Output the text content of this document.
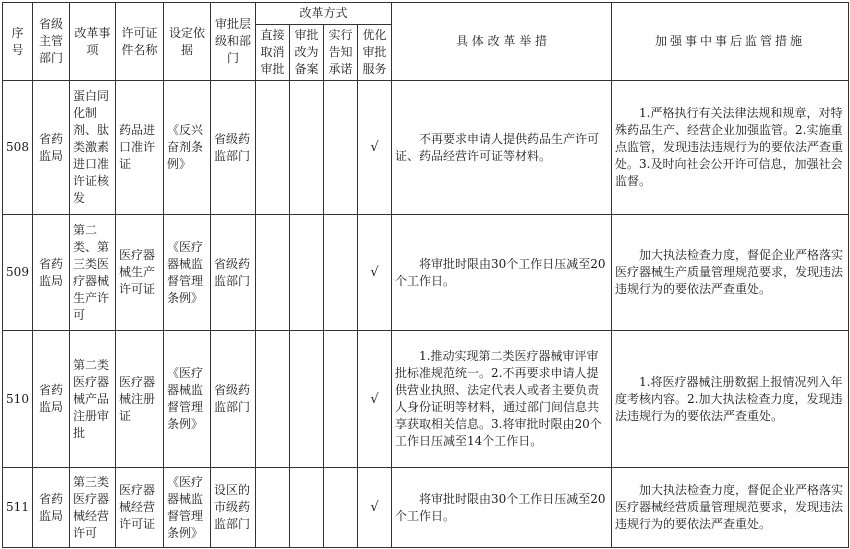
序号	省级主管部门	改革事项	许可证件名称	设定依据	审批层级和部门	改革方式				具 体 改 革 举 措	加强事中事后监管措施
						直接取消审批	审批改为备案	实行告知承诺	优化审批服务		
508	省药监局	蛋白同化制剂、肽类激素进口准许证核发	药品进口准许证	《反兴奋剂条例》	省级药监部门				√	不再要求申请人提供药品生产许可证、药品经营许可证等材料。	1.严格执行有关法律法规和规章，对特殊药品生产、经营企业加强监管。2.实施重点监管，发现违法违规行为的要依法严查重处。3.及时向社会公开许可信息，加强社会监督。
509	省药监局	第二类、第三类医疗器械生产许可	医疗器械生产许可证	《医疗器械监督管理条例》	省级药监部门				√	将审批时限由30个工作日压减至20个工作日。	加大执法检查力度，督促企业严格落实医疗器械生产质量管理规范要求，发现违法违规行为的要依法严查重处。
510	省药监局	第二类医疗器械产品注册审批	医疗器械注册证	《医疗器械监督管理条例》	省级药监部门				√	1.推动实现第二类医疗器械审评审批标准规范统一。2.不再要求申请人提供营业执照、法定代表人或者主要负责人身份证明等材料，通过部门间信息共享获取相关信息。3.将审批时限由20个工作日压减至14个工作日。	1.将医疗器械注册数据上报情况列入年度考核内容。2.加大执法检查力度，发现违法违规行为的要依法严查重处。
511	省药监局	第三类医疗器械经营许可	医疗器械经营许可证	《医疗器械监督管理条例》	设区的市级药监部门				√	将审批时限由30个工作日压减至20个工作日。	加大执法检查力度，督促企业严格落实医疗器械经营质量管理规范要求，发现违法违规行为的要依法严查重处。
